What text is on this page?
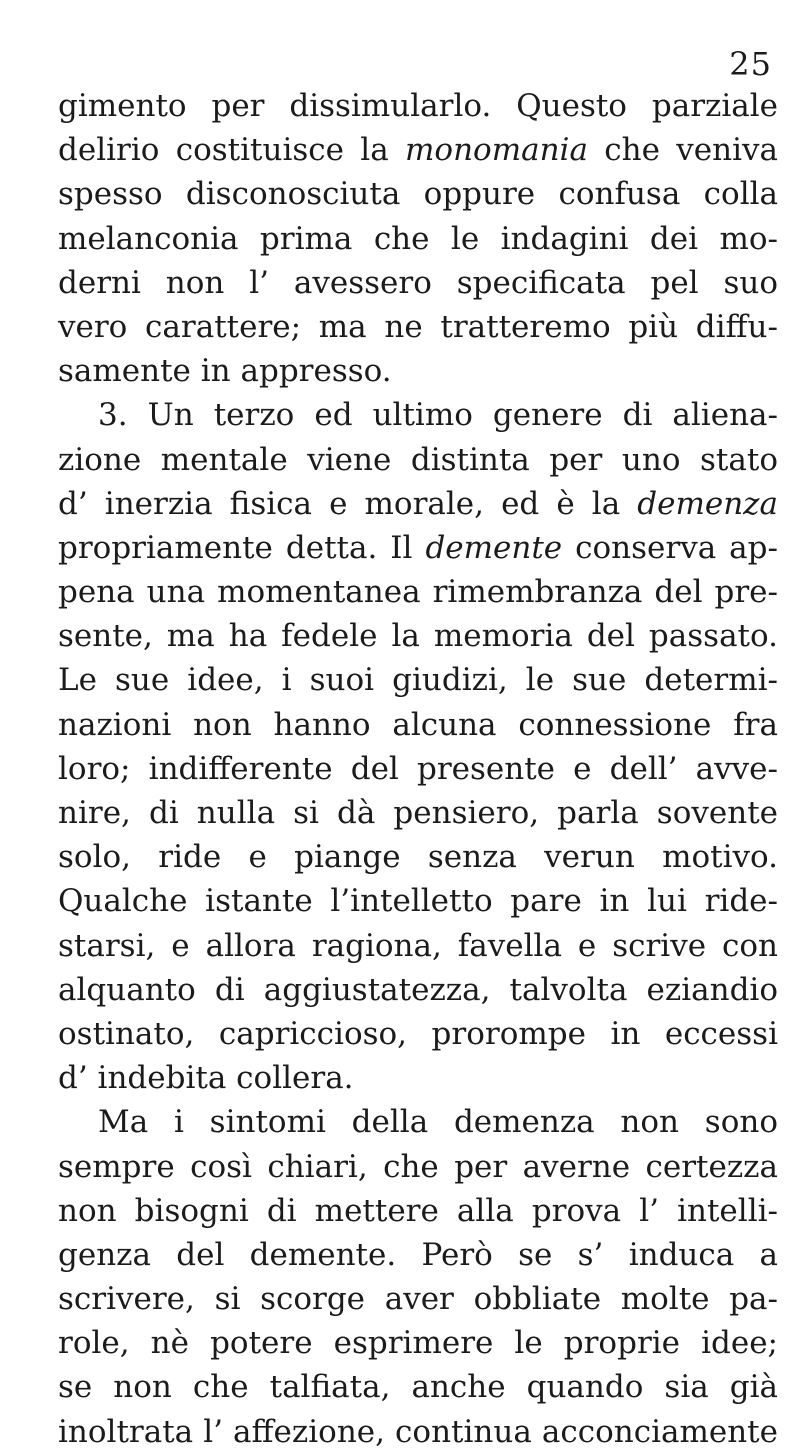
25
gimento per dissimularlo. Questo parziale
delirio costituisce la monomania che veniva
spesso disconosciuta oppure confusa colla
melanconia prima che le indagini dei mo-
derni non l’ avessero specificata pel suo
vero carattere; ma ne tratteremo più diffu-
samente in appresso.
3. Un terzo ed ultimo genere di aliena-
zione mentale viene distinta per uno stato
d’ inerzia fisica e morale, ed è la demenza
propriamente detta. Il demente conserva ap-
pena una momentanea rimembranza del pre-
sente, ma ha fedele la memoria del passato.
Le sue idee, i suoi giudizi, le sue determi-
nazioni non hanno alcuna connessione fra
loro; indifferente del presente e dell’ avve-
nire, di nulla si dà pensiero, parla sovente
solo, ride e piange senza verun motivo.
Qualche istante l’intelletto pare in lui ride-
starsi, e allora ragiona, favella e scrive con
alquanto di aggiustatezza, talvolta eziandio
ostinato, capriccioso, prorompe in eccessi
d’ indebita collera.
Ma i sintomi della demenza non sono
sempre così chiari, che per averne certezza
non bisogni di mettere alla prova l’ intelli-
genza del demente. Però se s’ induca a
scrivere, si scorge aver obbliate molte pa-
role, nè potere esprimere le proprie idee;
se non che talfiata, anche quando sia già
inoltrata l’ affezione, continua acconciamente
